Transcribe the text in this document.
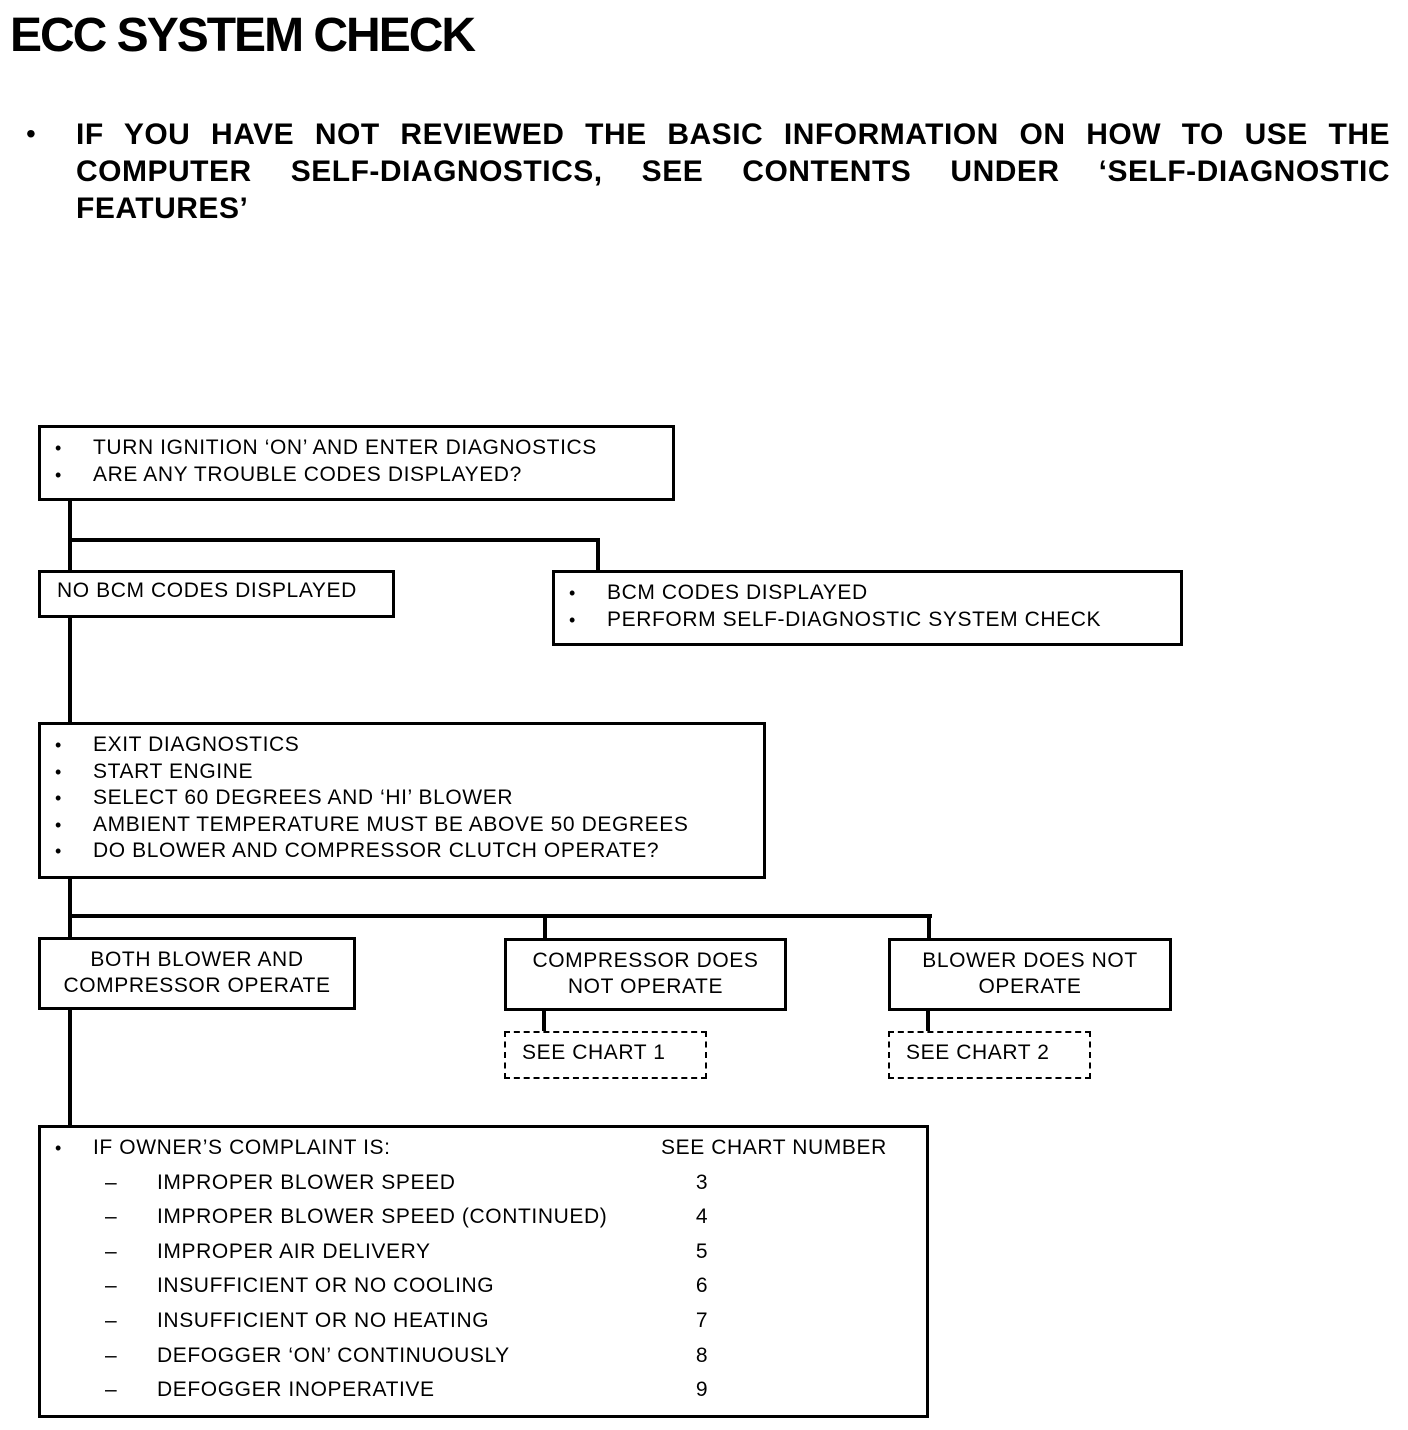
ECC SYSTEM CHECK
• IF YOU HAVE NOT REVIEWED THE BASIC INFORMATION ON HOW TO USE THE COMPUTER SELF-DIAGNOSTICS, SEE CONTENTS UNDER ‘SELF-DIAGNOSTIC FEATURES’
•	TURN IGNITION ‘ON’ AND ENTER DIAGNOSTICS
•	ARE ANY TROUBLE CODES DISPLAYED?
NO BCM CODES DISPLAYED	•	BCM CODES DISPLAYED
•	PERFORM SELF-DIAGNOSTIC SYSTEM CHECK
•	EXIT DIAGNOSTICS
•	START ENGINE
•	SELECT 60 DEGREES AND ‘HI’ BLOWER
•	AMBIENT TEMPERATURE MUST BE ABOVE 50 DEGREES
•	DO BLOWER AND COMPRESSOR CLUTCH OPERATE?
BOTH BLOWER AND
COMPRESSOR OPERATE
COMPRESSOR DOES
NOT OPERATE
BLOWER DOES NOT
OPERATE
SEE CHART 1	SEE CHART 2
•	IF OWNER’S COMPLAINT IS:	SEE CHART NUMBER
–	IMPROPER BLOWER SPEED	3
–	IMPROPER BLOWER SPEED (CONTINUED)	4
–	IMPROPER AIR DELIVERY	5
–	INSUFFICIENT OR NO COOLING	6
–	INSUFFICIENT OR NO HEATING	7
–	DEFOGGER ‘ON’ CONTINUOUSLY	8
–	DEFOGGER INOPERATIVE	9
